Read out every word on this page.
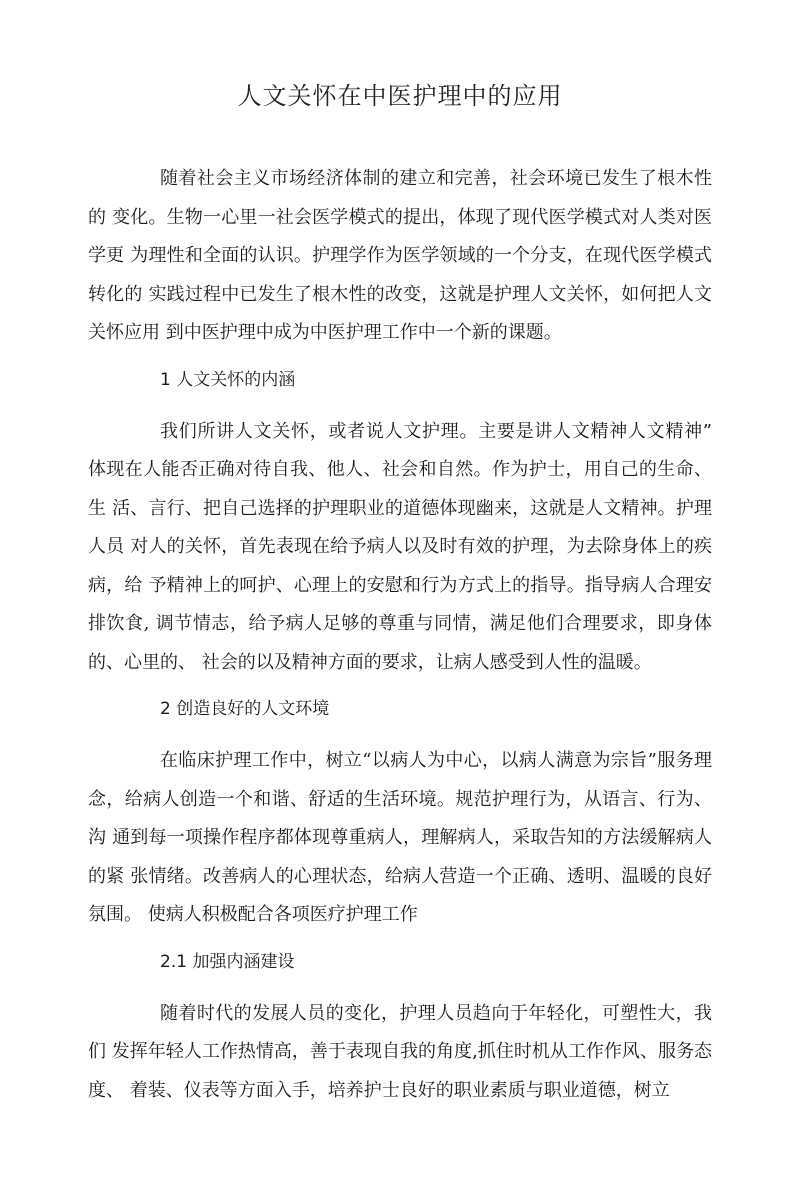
人文关怀在中医护理中的应用

随着社会主义市场经济体制的建立和完善，社会环境已发生了根木性的 变化。生物一心里一社会医学模式的提出，体现了现代医学模式对人类对医学更 为理性和全面的认识。护理学作为医学领域的一个分支，在现代医学模式转化的 实践过程中已发生了根木性的改变，这就是护理人文关怀，如何把人文关怀应用 到中医护理中成为中医护理工作中一个新的课题。

1 人文关怀的内涵

我们所讲人文关怀，或者说人文护理。主要是讲人文精神人文精神” 体现在人能否正确对待自我、他人、社会和自然。作为护士，用自己的生命、生 活、言行、把自己选择的护理职业的道德体现幽来，这就是人文精神。护理人员 对人的关怀，首先表现在给予病人以及时有效的护理，为去除身体上的疾病，给 予精神上的呵护、心理上的安慰和行为方式上的指导。指导病人合理安排饮食, 调节情志，给予病人足够的尊重与同情，满足他们合理要求，即身体的、心里的、 社会的以及精神方面的要求，让病人感受到人性的温暖。

2 创造良好的人文环境

在临床护理工作中，树立“以病人为中心，以病人满意为宗旨”服务理 念，给病人创造一个和谐、舒适的生活环境。规范护理行为，从语言、行为、沟 通到每一项操作程序都体现尊重病人，理解病人，采取告知的方法缓解病人的紧 张情绪。改善病人的心理状态，给病人营造一个正确、透明、温暖的良好氛围。 使病人积极配合各项医疗护理工作

2.1 加强内涵建设

随着时代的发展人员的变化，护理人员趋向于年轻化，可塑性大，我们 发挥年轻人工作热情高，善于表现自我的角度,抓住时机从工作作风、服务态度、 着装、仪表等方面入手，培养护士良好的职业素质与职业道德，树立
